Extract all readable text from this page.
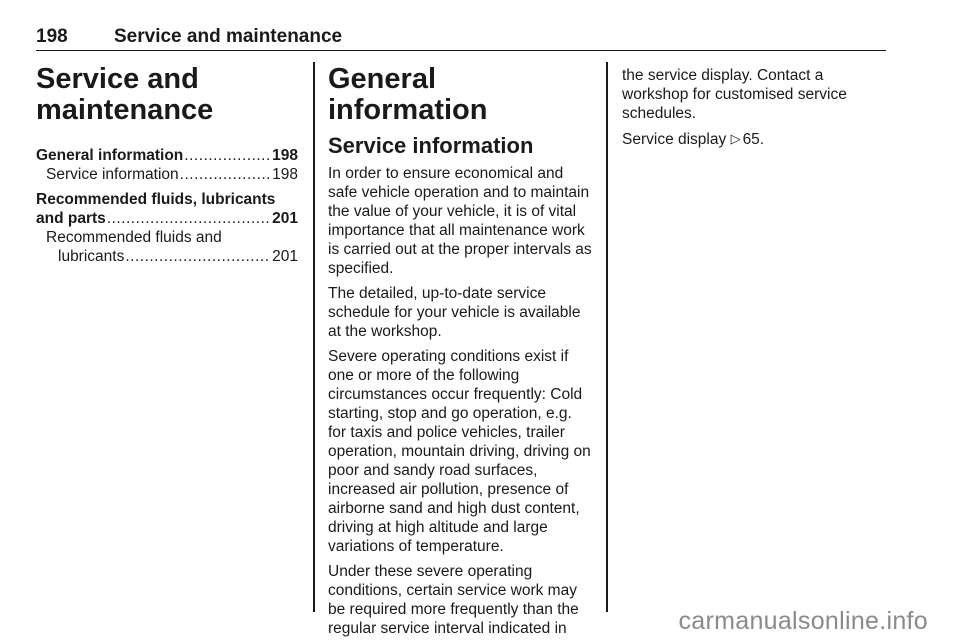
198 Service and maintenance
Service and
maintenance
General information .....	198
Service information .....	198
Recommended fluids, lubricants
and parts .....	201
Recommended fluids and
lubricants .....	201
General information
Service information

In order to ensure economical and safe vehicle operation and to maintain the value of your vehicle, it is of vital importance that all maintenance work is carried out at the proper intervals as specified.

The detailed, up-to-date service schedule for your vehicle is available at the workshop.

Severe operating conditions exist if one or more of the following circumstances occur frequently: Cold starting, stop and go operation, e.g. for taxis and police vehicles, trailer operation, mountain driving, driving on poor and sandy road surfaces, increased air pollution, presence of airborne sand and high dust content, driving at high altitude and large variations of temperature.

Under these severe operating conditions, certain service work may be required more frequently than the regular service interval indicated in

the service display. Contact a workshop for customised service schedules.

Service display ▷ 65.

carmanualsonline.info
